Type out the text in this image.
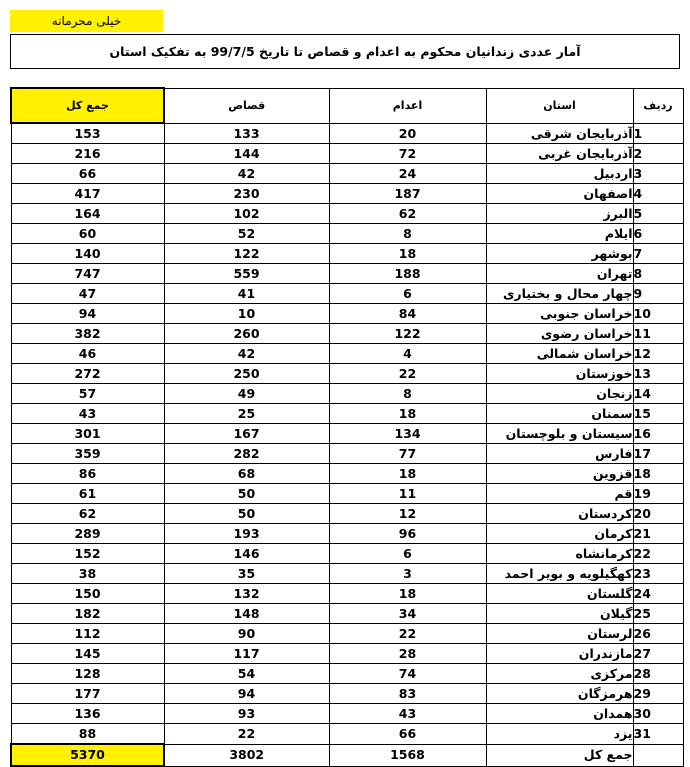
خیلی محرمانه
آمار عددی زندانیان محکوم به اعدام و قصاص تا تاریخ 99/7/5 به تفکیک استان
جمع کل	قصاص	اعدام	استان	ردیف
153	133	20	آذربایجان شرقی	1
216	144	72	آذربایجان غربی	2
66	42	24	اردبیل	3
417	230	187	اصفهان	4
164	102	62	البرز	5
60	52	8	ایلام	6
140	122	18	بوشهر	7
747	559	188	تهران	8
47	41	6	چهار محال و بختیاری	9
94	10	84	خراسان جنوبی	10
382	260	122	خراسان رضوی	11
46	42	4	خراسان شمالی	12
272	250	22	خوزستان	13
57	49	8	زنجان	14
43	25	18	سمنان	15
301	167	134	سیستان و بلوچستان	16
359	282	77	فارس	17
86	68	18	قزوین	18
61	50	11	قم	19
62	50	12	کردستان	20
289	193	96	کرمان	21
152	146	6	کرمانشاه	22
38	35	3	کهگیلویه و بویر احمد	23
150	132	18	گلستان	24
182	148	34	گیلان	25
112	90	22	لرستان	26
145	117	28	مازندران	27
128	54	74	مرکزی	28
177	94	83	هرمزگان	29
136	93	43	همدان	30
88	22	66	یزد	31
5370	3802	1568	جمع کل	
